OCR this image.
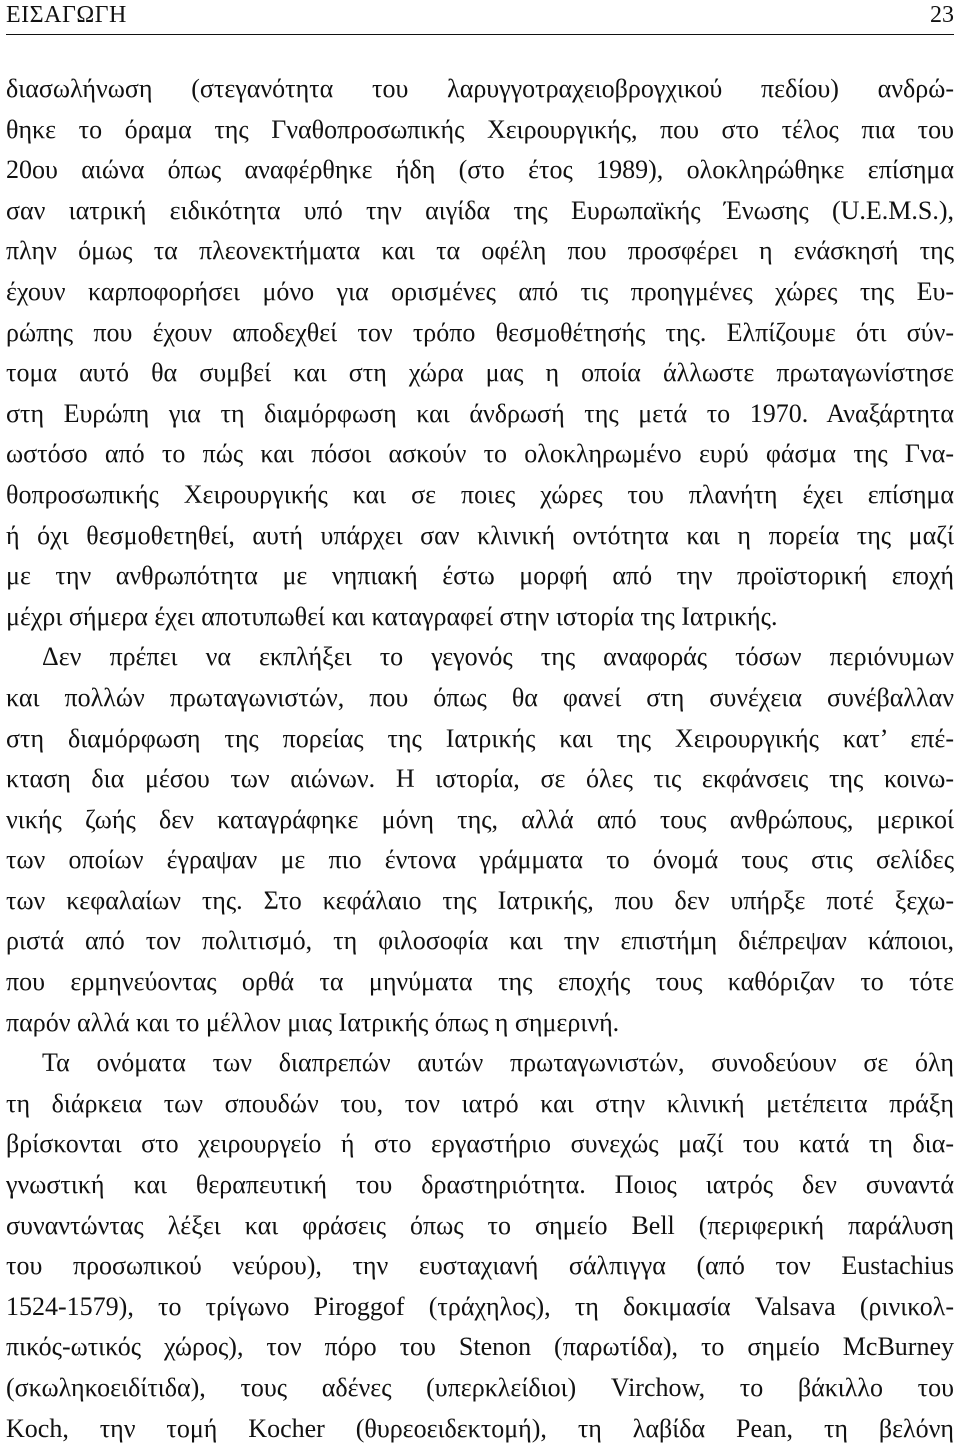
ΕΙΣΑΓΩΓΗ	23
διασωλήνωση (στεγανότητα του λαρυγγοτραχειοβρογχικού πεδίου) ανδρώ-
θηκε το όραμα της Γναθοπροσωπικής Χειρουργικής, που στο τέλος πια του
20ου αιώνα όπως αναφέρθηκε ήδη (στο έτος 1989), ολοκληρώθηκε επίσημα
σαν ιατρική ειδικότητα υπό την αιγίδα της Ευρωπαϊκής Ένωσης (U.E.M.S.),
πλην όμως τα πλεονεκτήματα και τα οφέλη που προσφέρει η ενάσκησή της
έχουν καρποφορήσει μόνο για ορισμένες από τις προηγμένες χώρες της Ευ-
ρώπης που έχουν αποδεχθεί τον τρόπο θεσμοθέτησής της. Ελπίζουμε ότι σύν-
τομα αυτό θα συμβεί και στη χώρα μας η οποία άλλωστε πρωταγωνίστησε
στη Ευρώπη για τη διαμόρφωση και άνδρωσή της μετά το 1970. Αναξάρτητα
ωστόσο από το πώς και πόσοι ασκούν το ολοκληρωμένο ευρύ φάσμα της Γνα-
θοπροσωπικής Χειρουργικής και σε ποιες χώρες του πλανήτη έχει επίσημα
ή όχι θεσμοθετηθεί, αυτή υπάρχει σαν κλινική οντότητα και η πορεία της μαζί
με την ανθρωπότητα με νηπιακή έστω μορφή από την προϊστορική εποχή
μέχρι σήμερα έχει αποτυπωθεί και καταγραφεί στην ιστορία της Ιατρικής.
Δεν πρέπει να εκπλήξει το γεγονός της αναφοράς τόσων περιόνυμων
και πολλών πρωταγωνιστών, που όπως θα φανεί στη συνέχεια συνέβαλλαν
στη διαμόρφωση της πορείας της Ιατρικής και της Χειρουργικής κατ’ επέ-
κταση δια μέσου των αιώνων. Η ιστορία, σε όλες τις εκφάνσεις της κοινω-
νικής ζωής δεν καταγράφηκε μόνη της, αλλά από τους ανθρώπους, μερικοί
των οποίων έγραψαν με πιο έντονα γράμματα το όνομά τους στις σελίδες
των κεφαλαίων της. Στο κεφάλαιο της Ιατρικής, που δεν υπήρξε ποτέ ξεχω-
ριστά από τον πολιτισμό, τη φιλοσοφία και την επιστήμη διέπρεψαν κάποιοι,
που ερμηνεύοντας ορθά τα μηνύματα της εποχής τους καθόριζαν το τότε
παρόν αλλά και το μέλλον μιας Ιατρικής όπως η σημερινή.
Τα ονόματα των διαπρεπών αυτών πρωταγωνιστών, συνοδεύουν σε όλη
τη διάρκεια των σπουδών του, τον ιατρό και στην κλινική μετέπειτα πράξη
βρίσκονται στο χειρουργείο ή στο εργαστήριο συνεχώς μαζί του κατά τη δια-
γνωστική και θεραπευτική του δραστηριότητα. Ποιος ιατρός δεν συναντά
συναντώντας λέξει και φράσεις όπως το σημείο Bell (περιφερική παράλυση
του προσωπικού νεύρου), την ευσταχιανή σάλπιγγα (από τον Eustachius
1524-1579), το τρίγωνο Piroggof (τράχηλος), τη δοκιμασία Valsava (ρινικολ-
πικός-ωτικός χώρος), τον πόρο του Stenon (παρωτίδα), το σημείο McBurney
(σκωληκοειδίτιδα), τους αδένες (υπερκλείδιοι) Virchow, το βάκιλλο του
Koch, την τομή Kocher (θυρεοειδεκτομή), τη λαβίδα Pean, τη βελόνη
